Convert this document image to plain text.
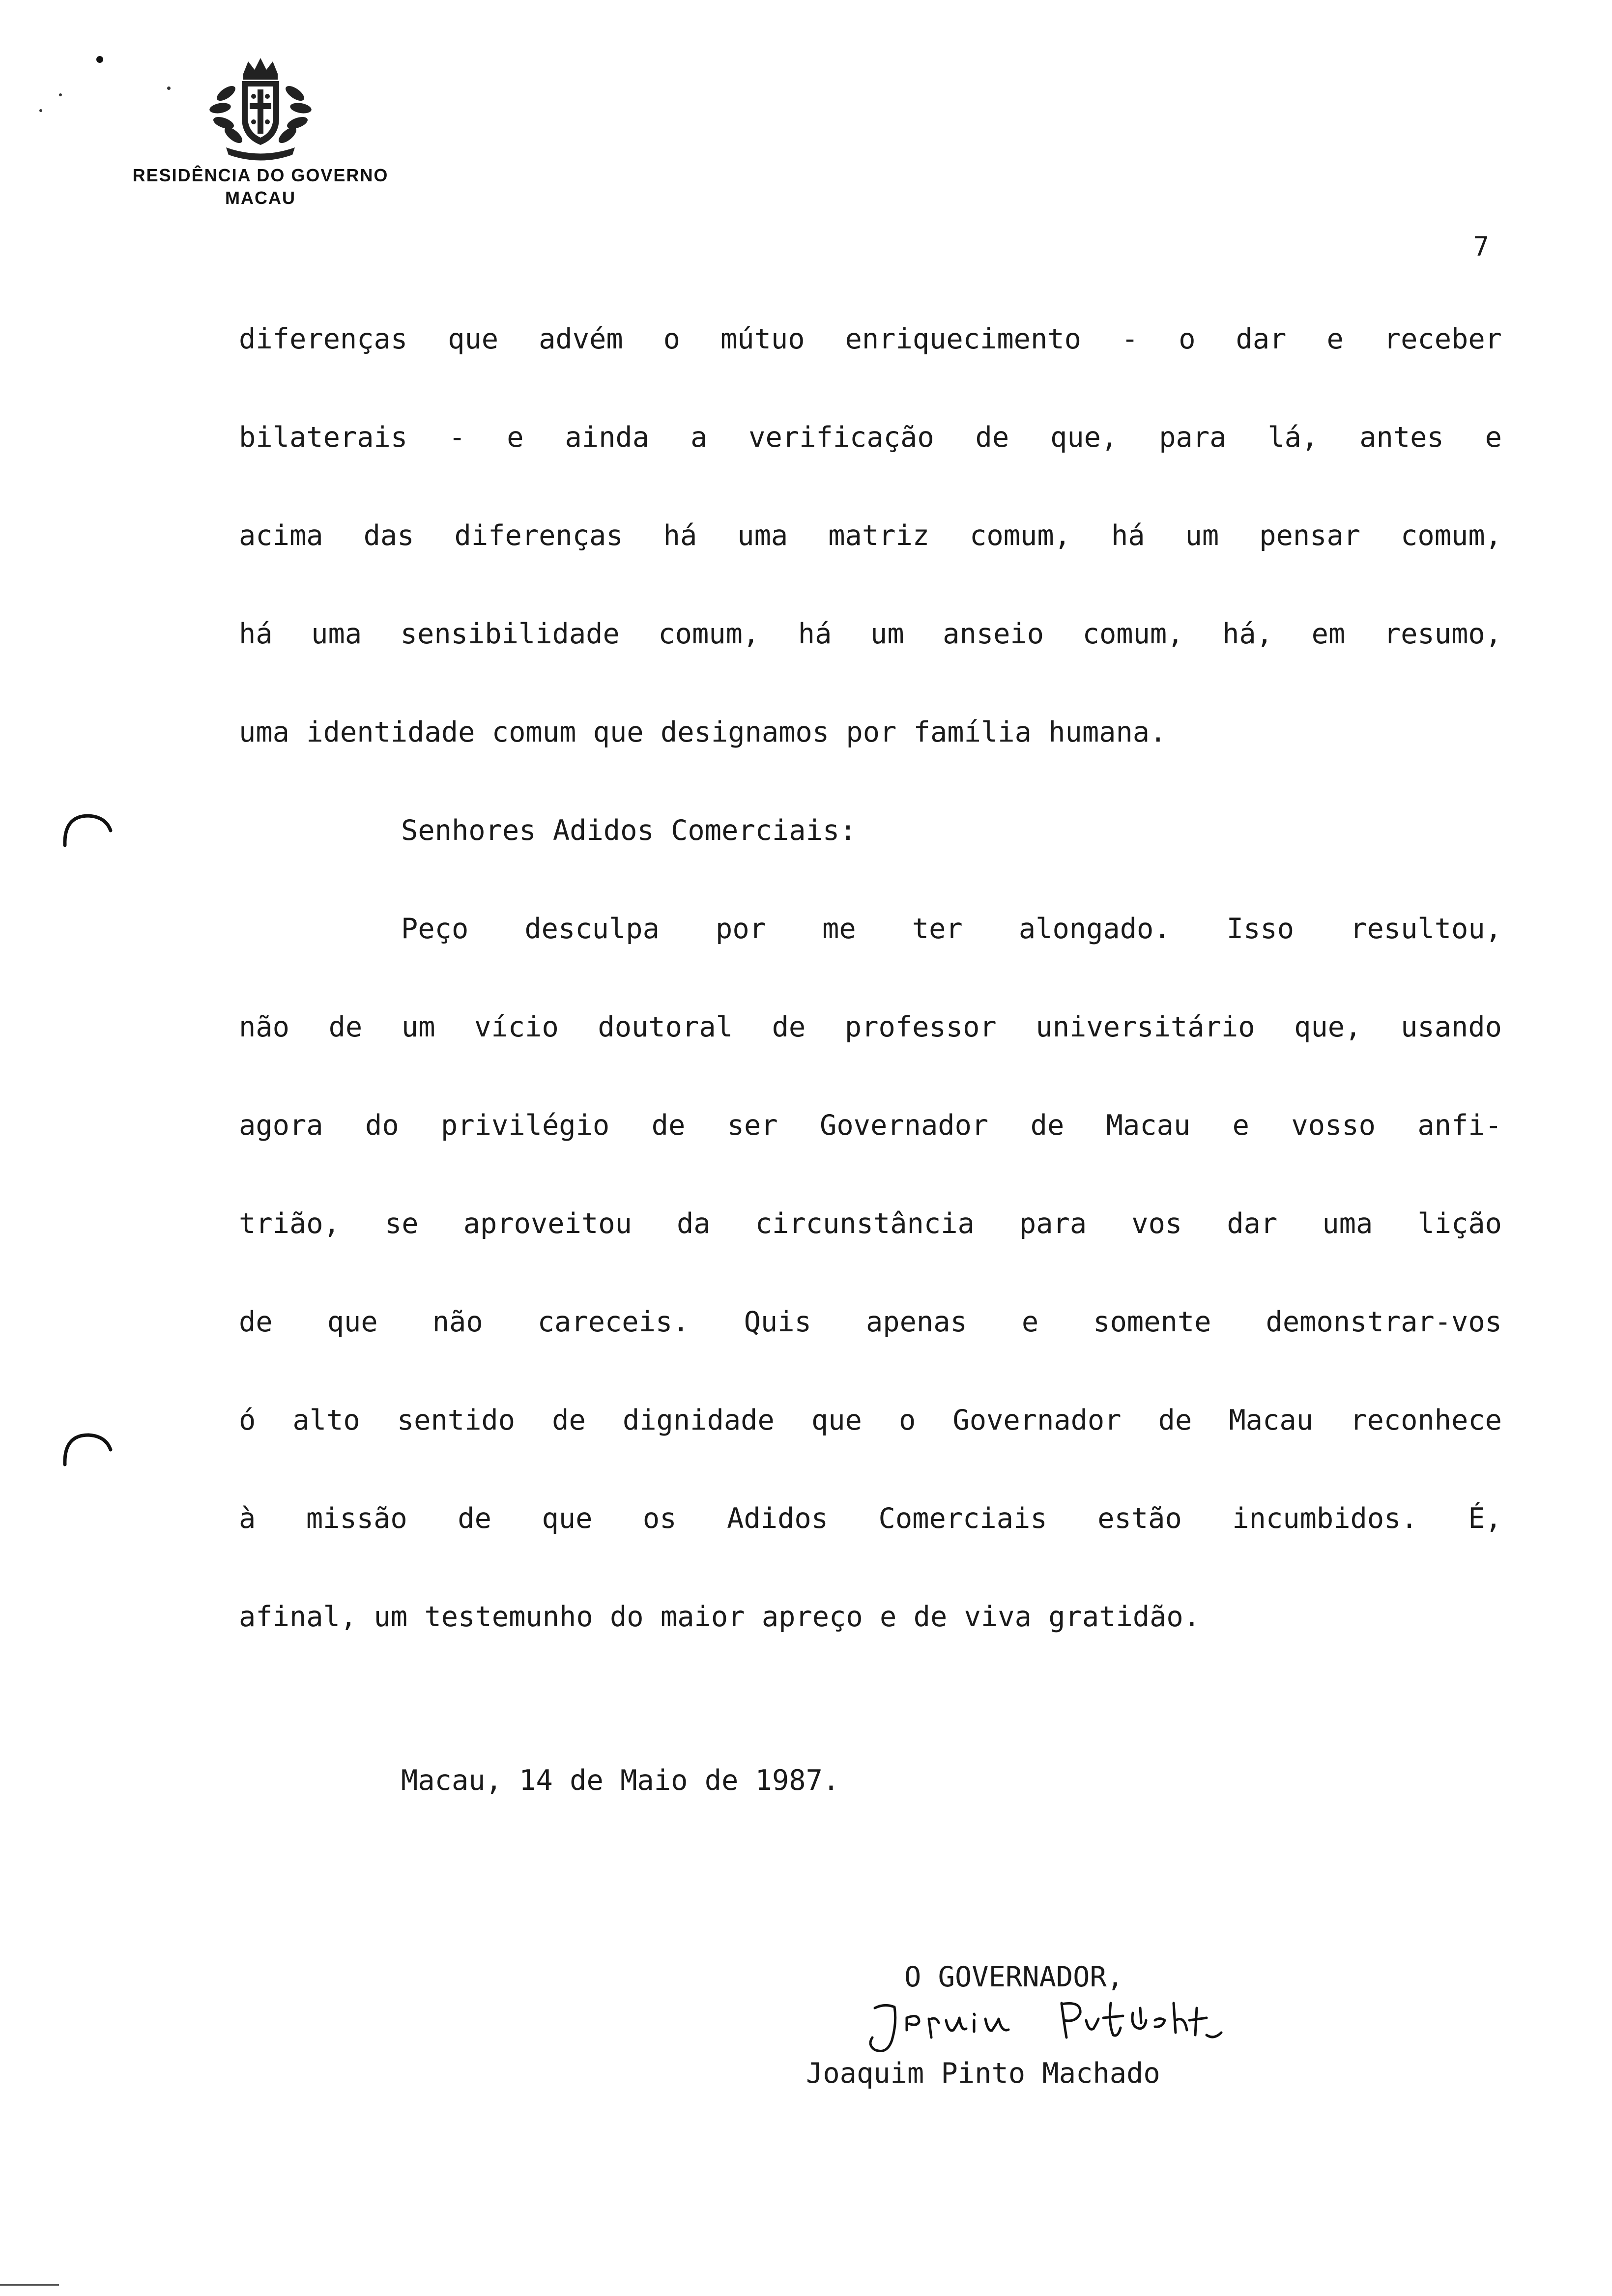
RESIDÊNCIA DO GOVERNO
MACAU
7
diferenças que advém o mútuo enriquecimento - o dar e receber
bilaterais - e ainda a verificação de que, para lá, antes e
acima das diferenças há uma matriz comum, há um pensar comum,
há uma sensibilidade comum, há um anseio comum, há, em resumo,
uma identidade comum que designamos por família humana.
Senhores Adidos Comerciais:
Peço desculpa por me ter alongado. Isso resultou,
não de um vício doutoral de professor universitário que, usando
agora do privilégio de ser Governador de Macau e vosso anfi-
trião, se aproveitou da circunstância para vos dar uma lição
de que não careceis. Quis apenas e somente demonstrar-vos
ó alto sentido de dignidade que o Governador de Macau reconhece
à missão de que os Adidos Comerciais estão incumbidos. É,
afinal, um testemunho do maior apreço e de viva gratidão.
Macau, 14 de Maio de 1987.
O GOVERNADOR,
Joaquim Pinto Machado
